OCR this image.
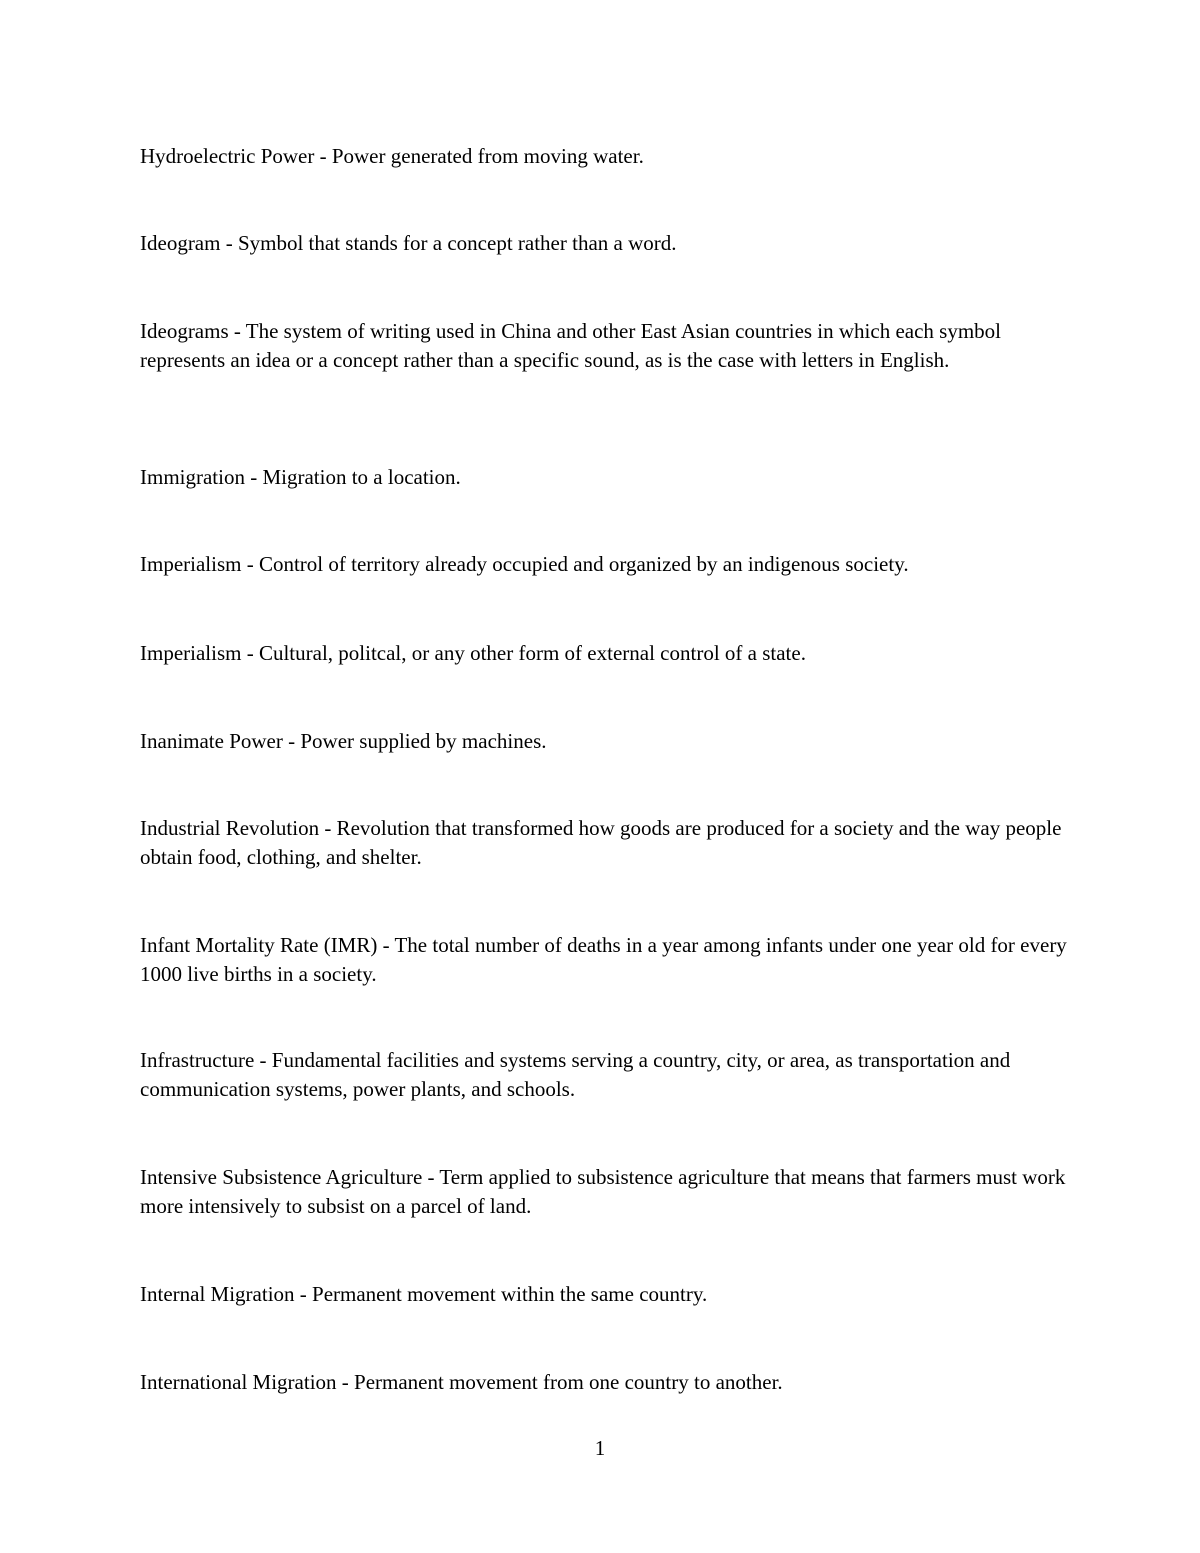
Hydroelectric Power - Power generated from moving water.

Ideogram - Symbol that stands for a concept rather than a word.

Ideograms - The system of writing used in China and other East Asian countries in which each symbol represents an idea or a concept rather than a specific sound, as is the case with letters in English.

Immigration - Migration to a location.

Imperialism - Control of territory already occupied and organized by an indigenous society.

Imperialism - Cultural, politcal, or any other form of external control of a state.

Inanimate Power - Power supplied by machines.

Industrial Revolution - Revolution that transformed how goods are produced for a society and the way people obtain food, clothing, and shelter.

Infant Mortality Rate (IMR) - The total number of deaths in a year among infants under one year old for every 1000 live births in a society.

Infrastructure - Fundamental facilities and systems serving a country, city, or area, as transportation and communication systems, power plants, and schools.

Intensive Subsistence Agriculture - Term applied to subsistence agriculture that means that farmers must work more intensively to subsist on a parcel of land.

Internal Migration - Permanent movement within the same country.

International Migration - Permanent movement from one country to another.

1
